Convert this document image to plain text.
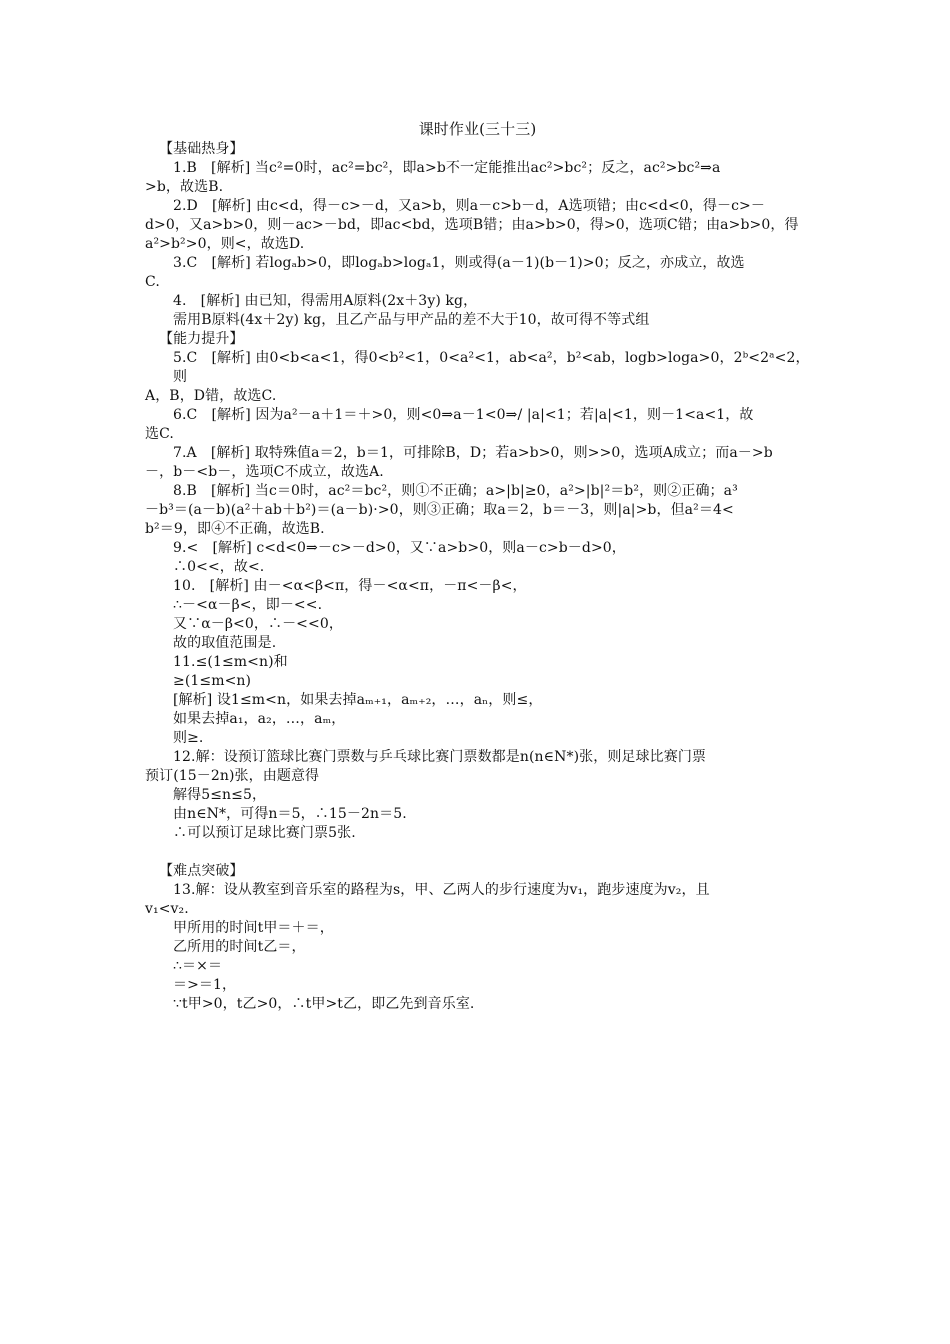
课时作业(三十三)
【基础热身】
1.B　[解析] 当c²=0时，ac²=bc²，即a>b不一定能推出ac²>bc²；反之，ac²>bc²⇒a
>b，故选B.
2.D　[解析] 由c<d，得－c>－d，又a>b，则a－c>b－d，A选项错；由c<d<0，得－c>－
d>0，又a>b>0，则－ac>－bd，即ac<bd，选项B错；由a>b>0，得>0，选项C错；由a>b>0，得
a²>b²>0，则<，故选D.
3.C　[解析] 若logₐb>0，即logₐb>logₐ1，则或得(a－1)(b－1)>0；反之，亦成立，故选
C.
4.　[解析] 由已知，得需用A原料(2x＋3y) kg，
需用B原料(4x＋2y) kg，且乙产品与甲产品的差不大于10，故可得不等式组
【能力提升】
5.C　[解析] 由0<b<a<1，得0<b²<1，0<a²<1，ab<a²，b²<ab，logb>loga>0，2ᵇ<2ᵃ<2，则
A，B，D错，故选C.
6.C　[解析] 因为a²－a＋1＝＋>0，则<0⇒a－1<0⇒/ |a|<1；若|a|<1，则－1<a<1，故
选C.
7.A　[解析] 取特殊值a＝2，b＝1，可排除B，D；若a>b>0，则>>0，选项A成立；而a－>b
－，b－<b－，选项C不成立，故选A.
8.B　[解析] 当c＝0时，ac²＝bc²，则①不正确；a>|b|≥0，a²>|b|²＝b²，则②正确；a³
－b³＝(a－b)(a²＋ab＋b²)＝(a－b)·>0，则③正确；取a＝2，b＝－3，则|a|>b，但a²＝4<
b²＝9，即④不正确，故选B.
9.<　[解析] c<d<0⇒－c>－d>0，又∵a>b>0，则a－c>b－d>0，
∴0<<，故<.
10.　[解析] 由－<α<β<π，得－<α<π，－π<－β<，
∴－<α－β<，即－<<.
又∵α－β<0，∴－<<0，
故的取值范围是.
11.≤(1≤m<n)和
≥(1≤m<n)
[解析] 设1≤m<n，如果去掉aₘ₊₁，aₘ₊₂，…，aₙ，则≤，
如果去掉a₁，a₂，…，aₘ，
则≥.
12.解：设预订篮球比赛门票数与乒乓球比赛门票数都是n(n∈N*)张，则足球比赛门票
预订(15－2n)张，由题意得
解得5≤n≤5，
由n∈N*，可得n＝5，∴15－2n＝5.
∴可以预订足球比赛门票5张.
【难点突破】
13.解：设从教室到音乐室的路程为s，甲、乙两人的步行速度为v₁，跑步速度为v₂，且
v₁<v₂.
甲所用的时间t甲＝＋＝，
乙所用的时间t乙＝，
∴＝×＝
＝>＝1，
∵t甲>0，t乙>0，∴t甲>t乙，即乙先到音乐室.
